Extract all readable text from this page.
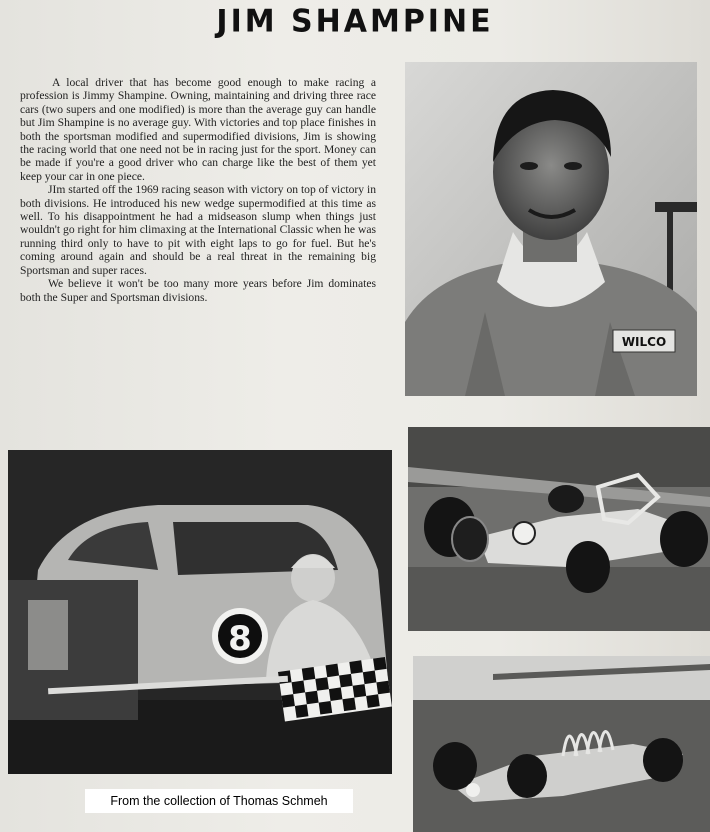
JIM SHAMPINE

A local driver that has become good enough to make racing a profession is Jimmy Shampine. Owning, maintaining and driving three race cars (two supers and one modified) is more than the average guy can handle but Jim Shampine is no average guy. With victories and top place finishes in both the sportsman modified and supermodified divisions, Jim is showing the racing world that one need not be in racing just for the sport. Money can be made if you're a good driver who can charge like the best of them yet keep your car in one piece.

JIm started off the 1969 racing season with victory on top of victory in both divisions. He introduced his new wedge supermodified at this time as well. To his disappointment he had a midseason slump when things just wouldn't go right for him climaxing at the International Classic when he was running third only to have to pit with eight laps to go for fuel. But he's coming around again and should be a real threat in the remaining big Sportsman and super races.

We believe it won't be too many more years before Jim dominates both the Super and Sportsman divisions.

WILCO
8
From the collection of Thomas Schmeh
